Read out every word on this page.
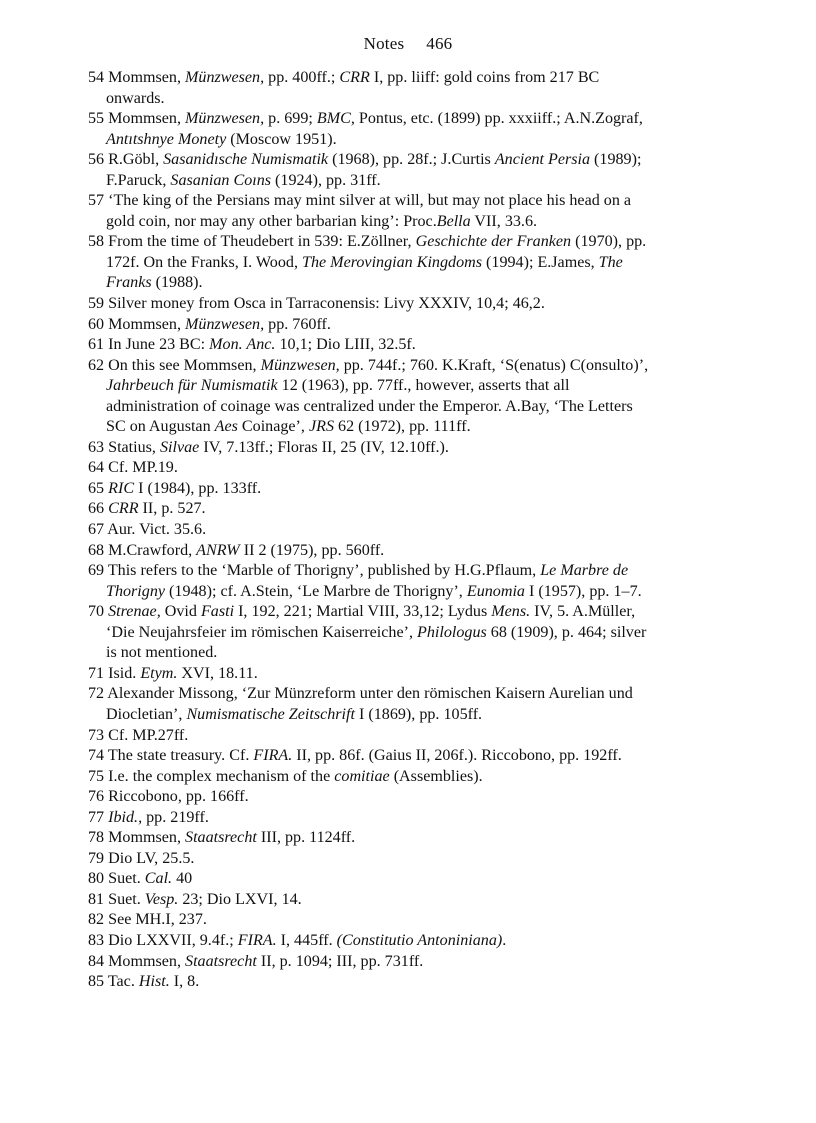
Notes 466
54 Mommsen, Münzwesen, pp. 400ff.; CRR I, pp. liiff: gold coins from 217 BC
onwards.
55 Mommsen, Münzwesen, p. 699; BMC, Pontus, etc. (1899) pp. xxxiiff.; A.N.Zograf,
Antıtshnye Monety (Moscow 1951).
56 R.Göbl, Sasanidısche Numismatik (1968), pp. 28f.; J.Curtis Ancient Persia (1989);
F.Paruck, Sasanian Coıns (1924), pp. 31ff.
57 ‘The king of the Persians may mint silver at will, but may not place his head on a
gold coin, nor may any other barbarian king’: Proc.Bella VII, 33.6.
58 From the time of Theudebert in 539: E.Zöllner, Geschichte der Franken (1970), pp.
172f. On the Franks, I. Wood, The Merovingian Kingdoms (1994); E.James, The
Franks (1988).
59 Silver money from Osca in Tarraconensis: Livy XXXIV, 10,4; 46,2.
60 Mommsen, Münzwesen, pp. 760ff.
61 In June 23 BC: Mon. Anc. 10,1; Dio LIII, 32.5f.
62 On this see Mommsen, Münzwesen, pp. 744f.; 760. K.Kraft, ‘S(enatus) C(onsulto)’,
Jahrbeuch für Numismatik 12 (1963), pp. 77ff., however, asserts that all
administration of coinage was centralized under the Emperor. A.Bay, ‘The Letters
SC on Augustan Aes Coinage’, JRS 62 (1972), pp. 111ff.
63 Statius, Silvae IV, 7.13ff.; Floras II, 25 (IV, 12.10ff.).
64 Cf. MP.19.
65 RIC I (1984), pp. 133ff.
66 CRR II, p. 527.
67 Aur. Vict. 35.6.
68 M.Crawford, ANRW II 2 (1975), pp. 560ff.
69 This refers to the ‘Marble of Thorigny’, published by H.G.Pflaum, Le Marbre de
Thorigny (1948); cf. A.Stein, ‘Le Marbre de Thorigny’, Eunomia I (1957), pp. 1–7.
70 Strenae, Ovid Fasti I, 192, 221; Martial VIII, 33,12; Lydus Mens. IV, 5. A.Müller,
‘Die Neujahrsfeier im römischen Kaiserreiche’, Philologus 68 (1909), p. 464; silver
is not mentioned.
71 Isid. Etym. XVI, 18.11.
72 Alexander Missong, ‘Zur Münzreform unter den römischen Kaisern Aurelian und
Diocletian’, Numismatische Zeitschrift I (1869), pp. 105ff.
73 Cf. MP.27ff.
74 The state treasury. Cf. FIRA. II, pp. 86f. (Gaius II, 206f.). Riccobono, pp. 192ff.
75 I.e. the complex mechanism of the comitiae (Assemblies).
76 Riccobono, pp. 166ff.
77 Ibid., pp. 219ff.
78 Mommsen, Staatsrecht III, pp. 1124ff.
79 Dio LV, 25.5.
80 Suet. Cal. 40
81 Suet. Vesp. 23; Dio LXVI, 14.
82 See MH.I, 237.
83 Dio LXXVII, 9.4f.; FIRA. I, 445ff. (Constitutio Antoniniana).
84 Mommsen, Staatsrecht II, p. 1094; III, pp. 731ff.
85 Tac. Hist. I, 8.
